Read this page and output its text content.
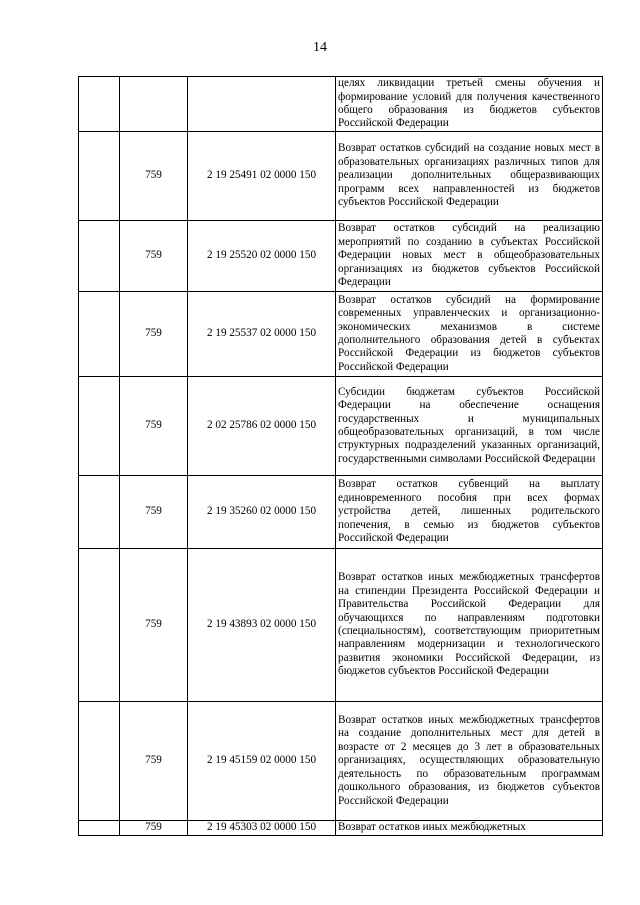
14
			целях ликвидации третьей смены обучения и формирование условий для получения качественного общего образования из бюджетов субъектов Российской Федерации
	759	2 19 25491 02 0000 150	Возврат остатков субсидий на создание новых мест в образовательных организациях различных типов для реализации дополнительных общеразвивающих программ всех направленностей из бюджетов субъектов Российской Федерации
	759	2 19 25520 02 0000 150	Возврат остатков субсидий на реализацию мероприятий по созданию в субъектах Российской Федерации новых мест в общеобразовательных организациях из бюджетов субъектов Российской Федерации
	759	2 19 25537 02 0000 150	Возврат остатков субсидий на формирование современных управленческих и организационно-экономических механизмов в системе дополнительного образования детей в субъектах Российской Федерации из бюджетов субъектов Российской Федерации
	759	2 02 25786 02 0000 150	Субсидии бюджетам субъектов Российской Федерации на обеспечение оснащения государственных и муниципальных общеобразовательных организаций, в том числе структурных подразделений указанных организаций, государственными символами Российской Федерации
	759	2 19 35260 02 0000 150	Возврат остатков субвенций на выплату единовременного пособия при всех формах устройства детей, лишенных родительского попечения, в семью из бюджетов субъектов Российской Федерации
	759	2 19 43893 02 0000 150	Возврат остатков иных межбюджетных трансфертов на стипендии Президента Российской Федерации и Правительства Российской Федерации для обучающихся по направлениям подготовки (специальностям), соответствующим приоритетным направлениям модернизации и технологического развития экономики Российской Федерации, из бюджетов субъектов Российской Федерации
	759	2 19 45159 02 0000 150	Возврат остатков иных межбюджетных трансфертов на создание дополнительных мест для детей в возрасте от 2 месяцев до 3 лет в образовательных организациях, осуществляющих образовательную деятельность по образовательным программам дошкольного образования, из бюджетов субъектов Российской Федерации
	759	2 19 45303 02 0000 150	Возврат остатков иных межбюджетных
